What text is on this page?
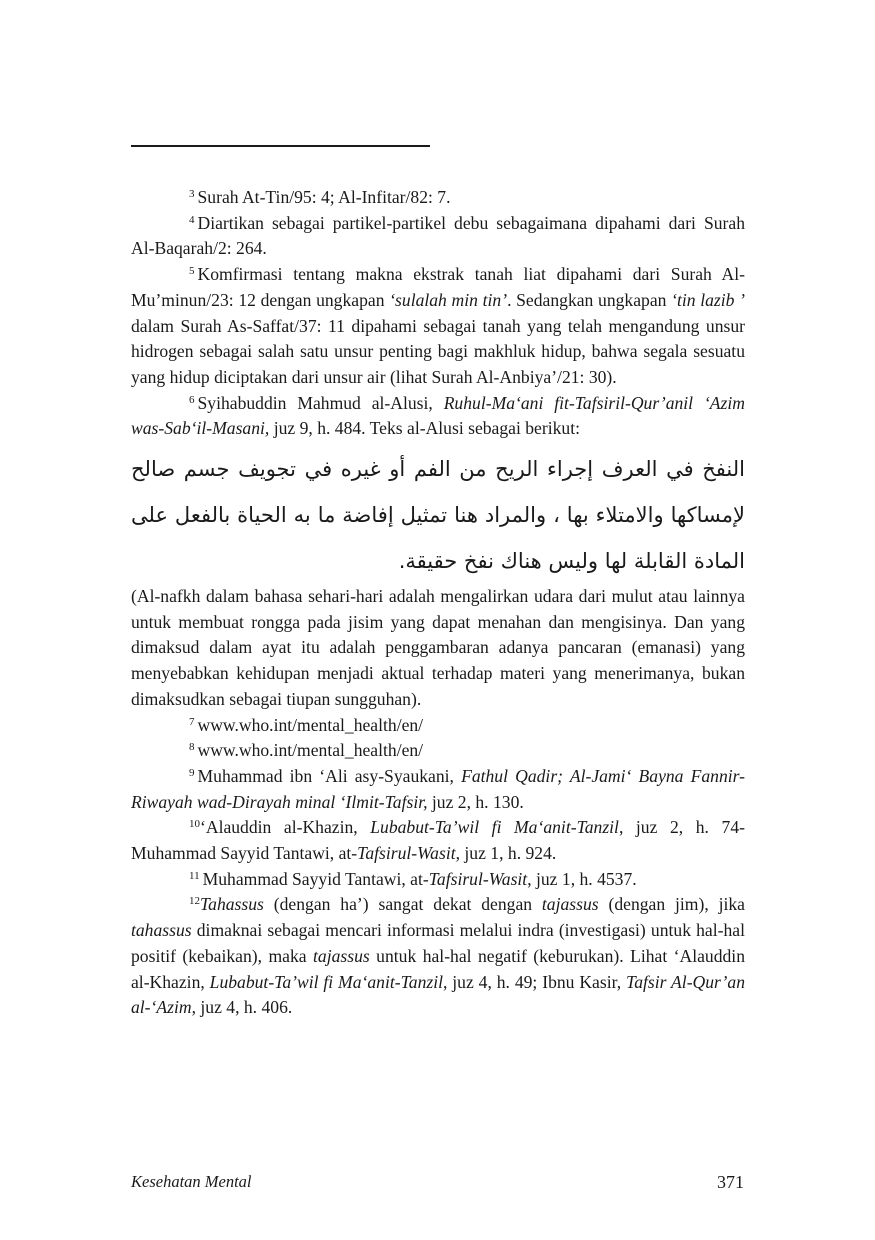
$^3$ Surah At-Tin/95: 4; Al-Infitar/82: 7.

$^4$ Diartikan sebagai partikel-partikel debu sebagaimana dipahami dari Surah Al-Baqarah/2: 264.

$^5$ Komfirmasi tentang makna ekstrak tanah liat dipahami dari Surah Al-Mu’minun/23: 12 dengan ungkapan ‘sulalah min tin’. Sedangkan ungkapan ‘tin lazib ’ dalam Surah As-Saffat/37: 11 dipahami sebagai tanah yang telah mengandung unsur hidrogen sebagai salah satu unsur penting bagi makhluk hidup, bahwa segala sesuatu yang hidup diciptakan dari unsur air (lihat Surah Al-Anbiya’/21: 30).

$^6$ Syihabuddin Mahmud al-Alusi, Ruhul-Ma‘ani fit-Tafsiril-Qur’anil ‘Azim was-Sab‘il-Masani, juz 9, h. 484. Teks al-Alusi sebagai berikut:

النفخ في العرف إجراء الريح من الفم أو غيره في تجويف جسم صالح لإمساكها والامتلاء بها ، والمراد هنا تمثيل إفاضة ما به الحياة بالفعل على المادة القابلة لها وليس هناك نفخ حقيقة.

(Al-nafkh dalam bahasa sehari-hari adalah mengalirkan udara dari mulut atau lainnya untuk membuat rongga pada jisim yang dapat menahan dan mengisinya. Dan yang dimaksud dalam ayat itu adalah penggambaran adanya pancaran (emanasi) yang menyebabkan kehidupan menjadi aktual terhadap materi yang menerimanya, bukan dimaksudkan sebagai tiupan sungguhan).

$^7$ www.who.int/mental_health/en/

$^8$ www.who.int/mental_health/en/

$^9$ Muhammad ibn ‘Ali asy-Syaukani, Fathul Qadir; Al-Jami‘ Bayna Fannir-Riwayah wad-Dirayah minal ‘Ilmit-Tafsir, juz 2, h. 130.

$^{10}$‘Alauddin al-Khazin, Lubabut-Ta’wil fi Ma‘anit-Tanzil, juz 2, h. 74- Muhammad Sayyid Tantawi, at-Tafsirul-Wasit, juz 1, h. 924.

$^{11}$ Muhammad Sayyid Tantawi, at-Tafsirul-Wasit, juz 1, h. 4537.

$^{12}$Tahassus (dengan ha’) sangat dekat dengan tajassus (dengan jim), jika tahassus dimaknai sebagai mencari informasi melalui indra (investigasi) untuk hal-hal positif (kebaikan), maka tajassus untuk hal-hal negatif (keburukan). Lihat ‘Alauddin al-Khazin, Lubabut-Ta’wil fi Ma‘anit-Tanzil, juz 4, h. 49; Ibnu Kasir, Tafsir Al-Qur’an al-‘Azim, juz 4, h. 406.

Kesehatan Mental	371
